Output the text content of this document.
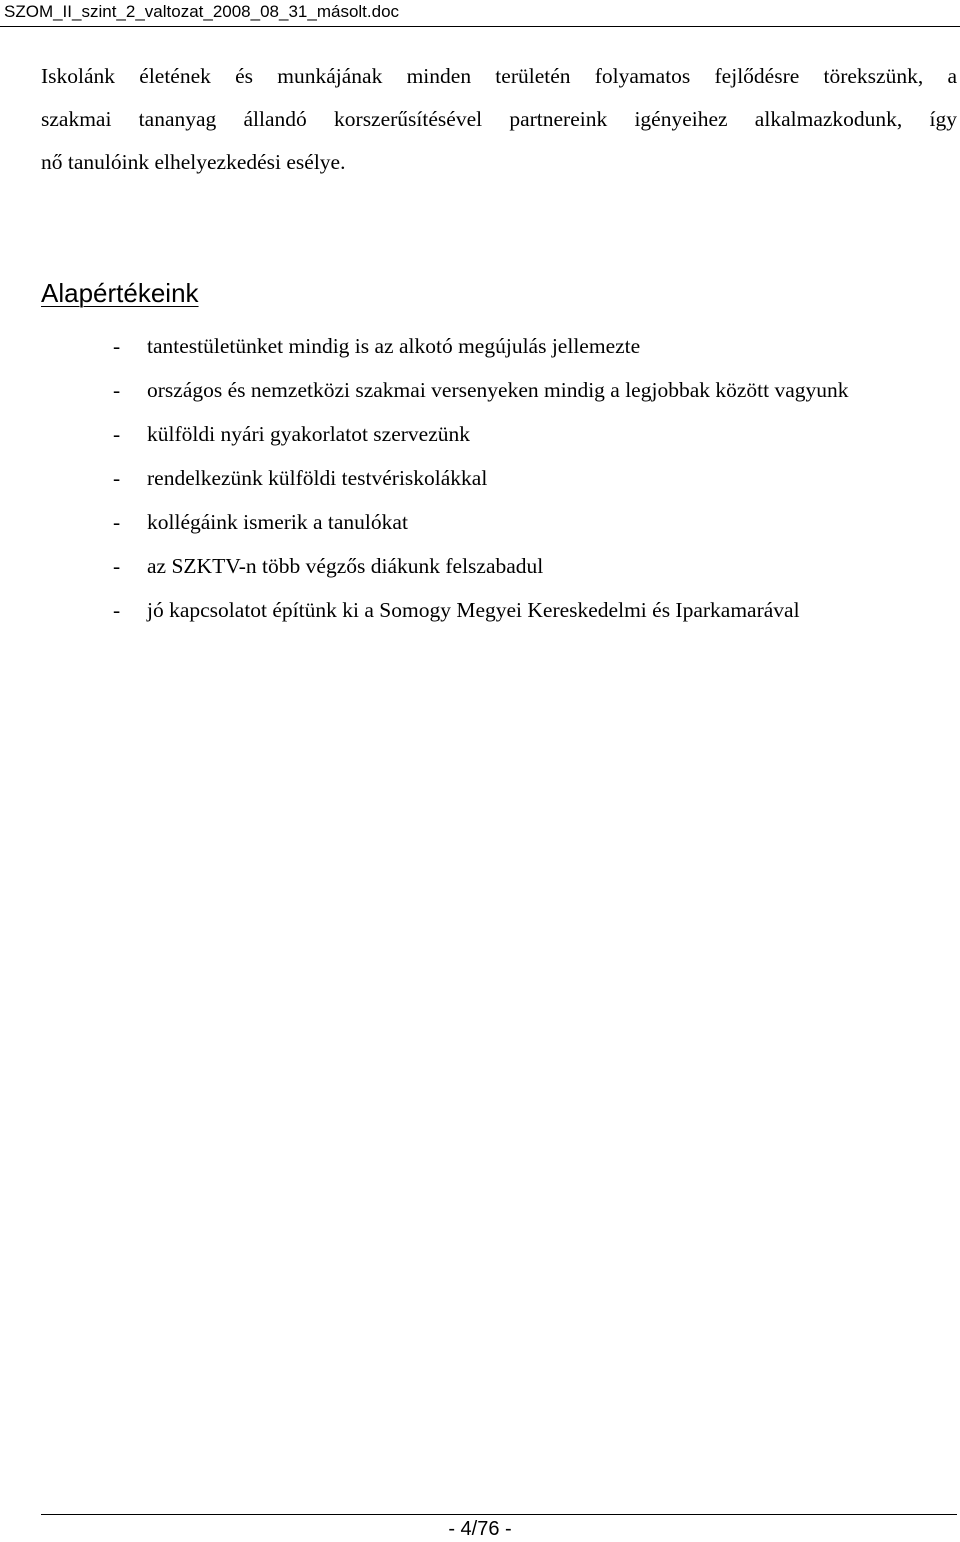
SZOM_II_szint_2_valtozat_2008_08_31_másolt.doc
Iskolánk életének és munkájának minden területén folyamatos fejlődésre törekszünk, a
szakmai tananyag állandó korszerűsítésével partnereink igényeihez alkalmazkodunk, így
nő tanulóink elhelyezkedési esélye.
Alapértékeink
- tantestületünket mindig is az alkotó megújulás jellemezte
- országos és nemzetközi szakmai versenyeken mindig a legjobbak között vagyunk
- külföldi nyári gyakorlatot szervezünk
- rendelkezünk külföldi testvériskolákkal
- kollégáink ismerik a tanulókat
- az SZKTV-n több végzős diákunk felszabadul
- jó kapcsolatot építünk ki a Somogy Megyei Kereskedelmi és Iparkamarával
- 4/76 -
